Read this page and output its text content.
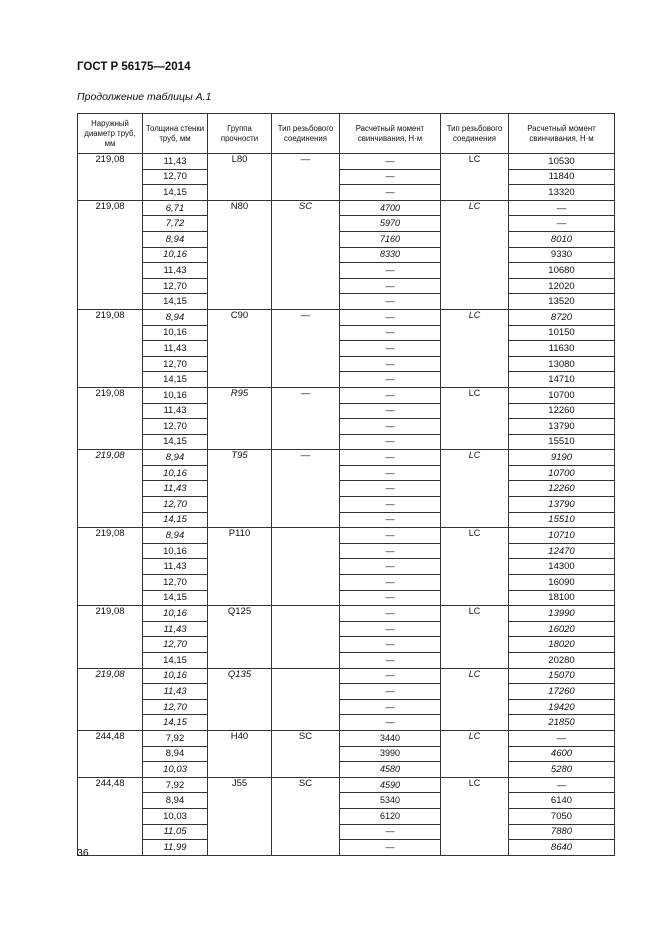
ГОСТ Р 56175—2014
Продолжение таблицы А.1
Наружный диаметр труб, мм	Толщина стенки труб, мм	Группа прочности	Тип резьбового соединения	Расчетный момент свинчивания, Н·м	Тип резьбового соединения	Расчетный момент свинчивания, Н·м
219,08	11,43	L80	—	—	LC	10530
	12,70			—		11840
	14,15			—		13320
219,08	6,71	N80	SC	4700	LC	—
	7,72			5970		—
	8,94			7160		8010
	10,16			8330		9330
	11,43			—		10680
	12,70			—		12020
	14,15			—		13520
219,08	8,94	C90	—	—	LC	8720
	10,16			—		10150
	11,43			—		11630
	12,70			—		13080
	14,15			—		14710
219,08	10,16	R95	—	—	LC	10700
	11,43			—		12260
	12,70			—		13790
	14,15			—		15510
219,08	8,94	T95	—	—	LC	9190
	10,16			—		10700
	11,43			—		12260
	12,70			—		13790
	14,15			—		15510
219,08	8,94	P110		—	LC	10710
	10,16			—		12470
	11,43			—		14300
	12,70			—		16090
	14,15			—		18100
219,08	10,16	Q125		—	LC	13990
	11,43			—		16020
	12,70			—		18020
	14,15			—		20280
219,08	10,16	Q135		—	LC	15070
	11,43			—		17260
	12,70			—		19420
	14,15			—		21850
244,48	7,92	H40	SC	3440	LC	—
	8,94			3990		4600
	10,03			4580		5280
244,48	7,92	J55	SC	4590	LC	—
	8,94			5340		6140
	10,03			6120		7050
	11,05			—		7880
	11,99			—		8640
36
